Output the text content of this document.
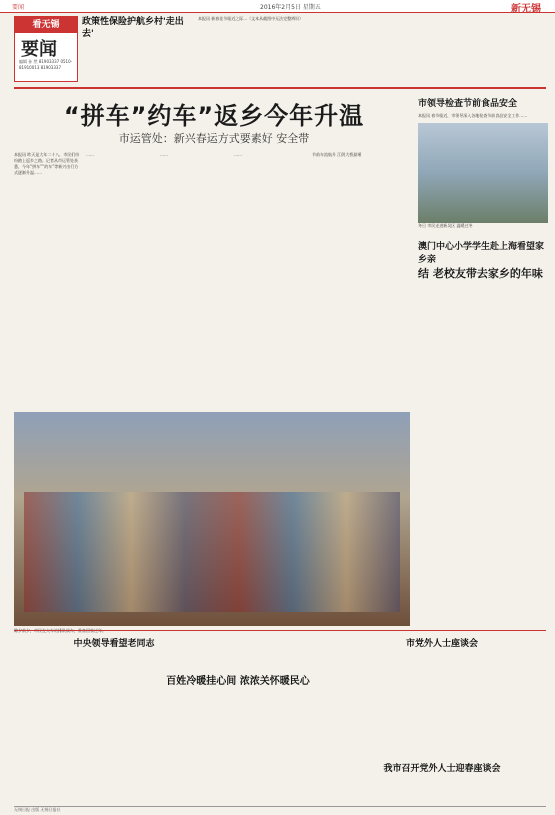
要闻	2016年2月5日 星期五	新无锡
看无锡
要闻
编辑 孙 然 81903337 0510-81910013 81903337
政策性保险护航乡村'走出去'
本报讯 新春佳节临近之际...（文本从截图中无法完整辨识）
“拼车”约车”返乡今年升温
市运管处：新兴春运方式要素好 安全带
本报讯 昨天是大年二十八，市民们纷纷踏上返乡之路。记者从市运管处获悉，今年“拼车”“约车”等新兴出行方式逐渐升温……
……	……	……	节前车流航升 江阴大桥最堵
市领导检查节前食品安全
本报讯 春节临近，市领导深入各地检查节前食品安全工作……
冬日 市民走进新吴区 温暖过冬
澳门中心小学学生赴上海看望家乡亲
结 老校友带去家乡的年味
中央领导看望老同志
百姓冷暖挂心间 浓浓关怀暖民心
市党外人士座谈会
我市召开党外人士迎春座谈会
无锡日报 出版 无锡日报社
